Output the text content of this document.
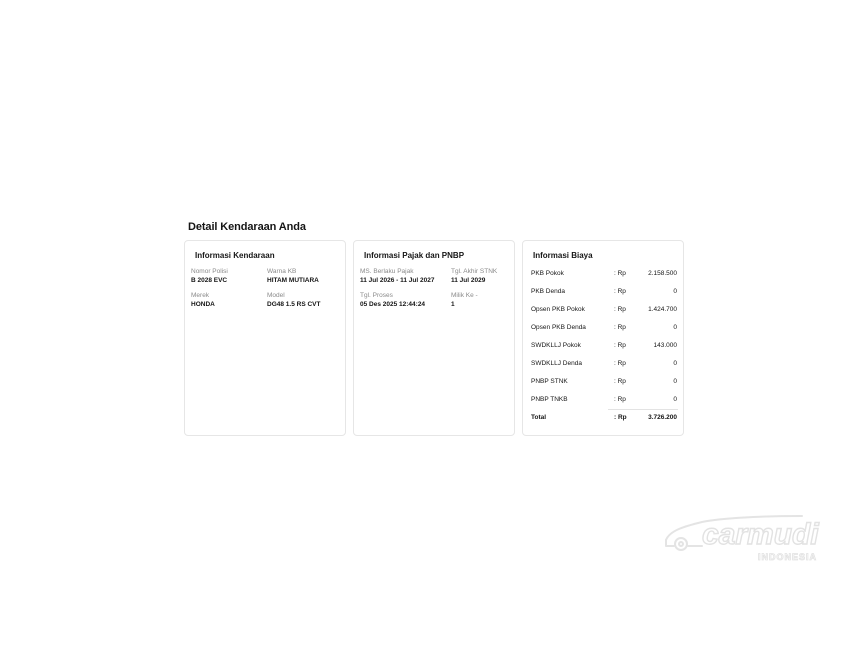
Detail Kendaraan Anda
Informasi Kendaraan
Nomor Polisi
B 2028 EVC
Warna KB
HITAM MUTIARA
Merek
HONDA
Model
DG48 1.5 RS CVT
Informasi Pajak dan PNBP
MS. Berlaku Pajak
11 Jul 2026 - 11 Jul 2027
Tgl. Akhir STNK
11 Jul 2029
Tgl. Proses
05 Des 2025 12:44:24
Milik Ke -
1
Informasi Biaya
PKB Pokok	: Rp	2.158.500
PKB Denda	: Rp	0
Opsen PKB Pokok	: Rp	1.424.700
Opsen PKB Denda	: Rp	0
SWDKLLJ Pokok	: Rp	143.000
SWDKLLJ Denda	: Rp	0
PNBP STNK	: Rp	0
PNBP TNKB	: Rp	0
Total	: Rp	3.726.200
carmudi
INDONESIA
